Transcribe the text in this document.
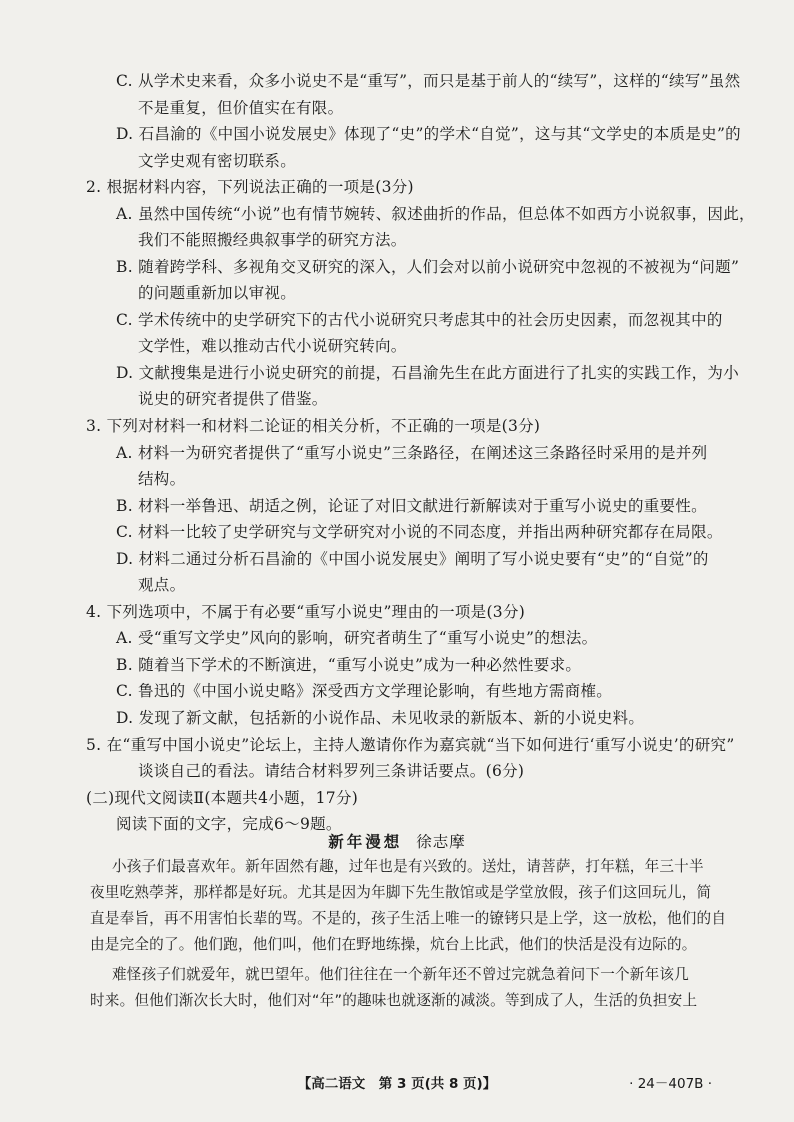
C. 从学术史来看，众多小说史不是“重写”，而只是基于前人的“续写”，这样的“续写”虽然
不是重复，但价值实在有限。
D. 石昌渝的《中国小说发展史》体现了“史”的学术“自觉”，这与其“文学史的本质是史”的
文学史观有密切联系。
2. 根据材料内容，下列说法正确的一项是(3分)
A. 虽然中国传统“小说”也有情节婉转、叙述曲折的作品，但总体不如西方小说叙事，因此，
我们不能照搬经典叙事学的研究方法。
B. 随着跨学科、多视角交叉研究的深入，人们会对以前小说研究中忽视的不被视为“问题”
的问题重新加以审视。
C. 学术传统中的史学研究下的古代小说研究只考虑其中的社会历史因素，而忽视其中的
文学性，难以推动古代小说研究转向。
D. 文献搜集是进行小说史研究的前提，石昌渝先生在此方面进行了扎实的实践工作，为小
说史的研究者提供了借鉴。
3. 下列对材料一和材料二论证的相关分析，不正确的一项是(3分)
A. 材料一为研究者提供了“重写小说史”三条路径，在阐述这三条路径时采用的是并列
结构。
B. 材料一举鲁迅、胡适之例，论证了对旧文献进行新解读对于重写小说史的重要性。
C. 材料一比较了史学研究与文学研究对小说的不同态度，并指出两种研究都存在局限。
D. 材料二通过分析石昌渝的《中国小说发展史》阐明了写小说史要有“史”的“自觉”的
观点。
4. 下列选项中，不属于有必要“重写小说史”理由的一项是(3分)
A. 受“重写文学史”风向的影响，研究者萌生了“重写小说史”的想法。
B. 随着当下学术的不断演进，“重写小说史”成为一种必然性要求。
C. 鲁迅的《中国小说史略》深受西方文学理论影响，有些地方需商榷。
D. 发现了新文献，包括新的小说作品、未见收录的新版本、新的小说史料。
5. 在“重写中国小说史”论坛上，主持人邀请你作为嘉宾就“当下如何进行‘重写小说史’的研究”
谈谈自己的看法。请结合材料罗列三条讲话要点。(6分)
(二)现代文阅读Ⅱ(本题共4小题，17分)
阅读下面的文字，完成6～9题。
新年漫想 徐志摩
小孩子们最喜欢年。新年固然有趣，过年也是有兴致的。送灶，请菩萨，打年糕，年三十半
夜里吃熟荸荠，那样都是好玩。尤其是因为年脚下先生散馆或是学堂放假，孩子们这回玩儿，简
直是奉旨，再不用害怕长辈的骂。不是的，孩子生活上唯一的镣铐只是上学，这一放松，他们的自
由是完全的了。他们跑，他们叫，他们在野地练操，炕台上比武，他们的快活是没有边际的。
难怪孩子们就爱年，就巴望年。他们往往在一个新年还不曾过完就急着问下一个新年该几
时来。但他们渐次长大时，他们对“年”的趣味也就逐渐的减淡。等到成了人，生活的负担安上
【高二语文　第 3 页(共 8 页)】	· 24－407B ·
